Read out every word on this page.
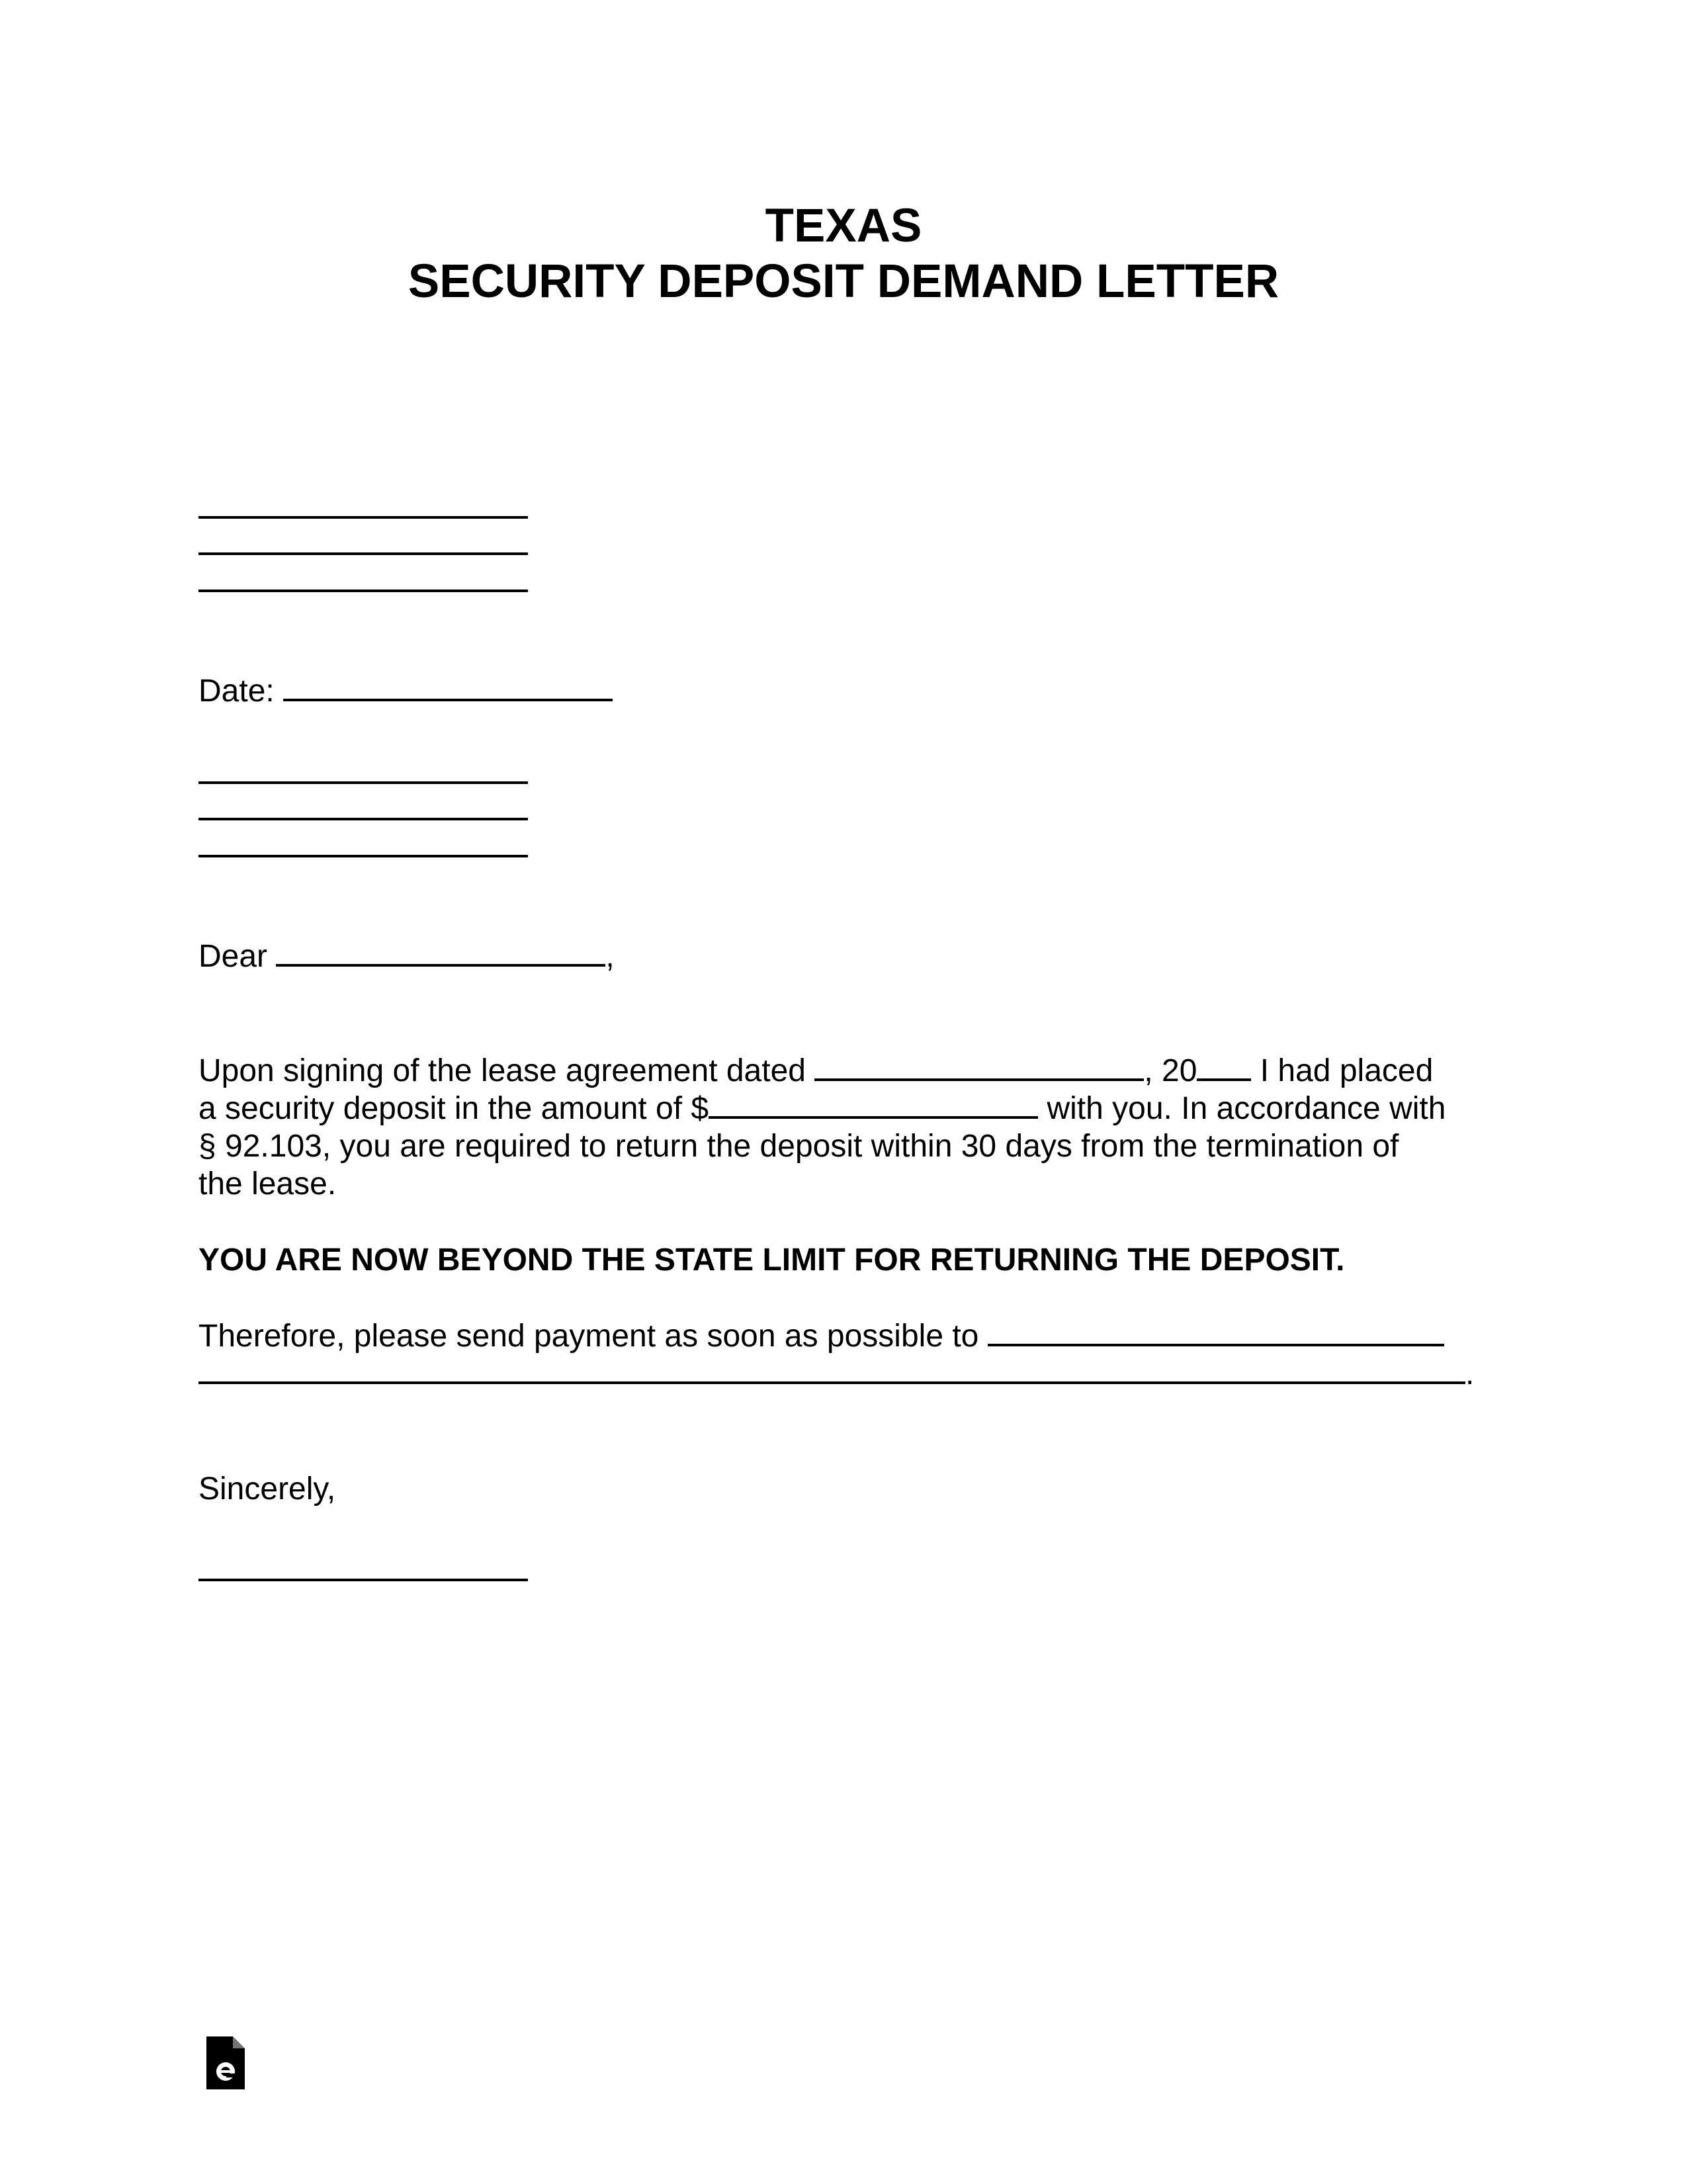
TEXAS
SECURITY DEPOSIT DEMAND LETTER
Date:
Dear	,
Upon signing of the lease agreement dated	, 20 I had placed
a security deposit in the amount of $	with you. In accordance with
§ 92.103, you are required to return the deposit within 30 days from the termination of
the lease.
YOU ARE NOW BEYOND THE STATE LIMIT FOR RETURNING THE DEPOSIT.
Therefore, please send payment as soon as possible to
.
Sincerely,
